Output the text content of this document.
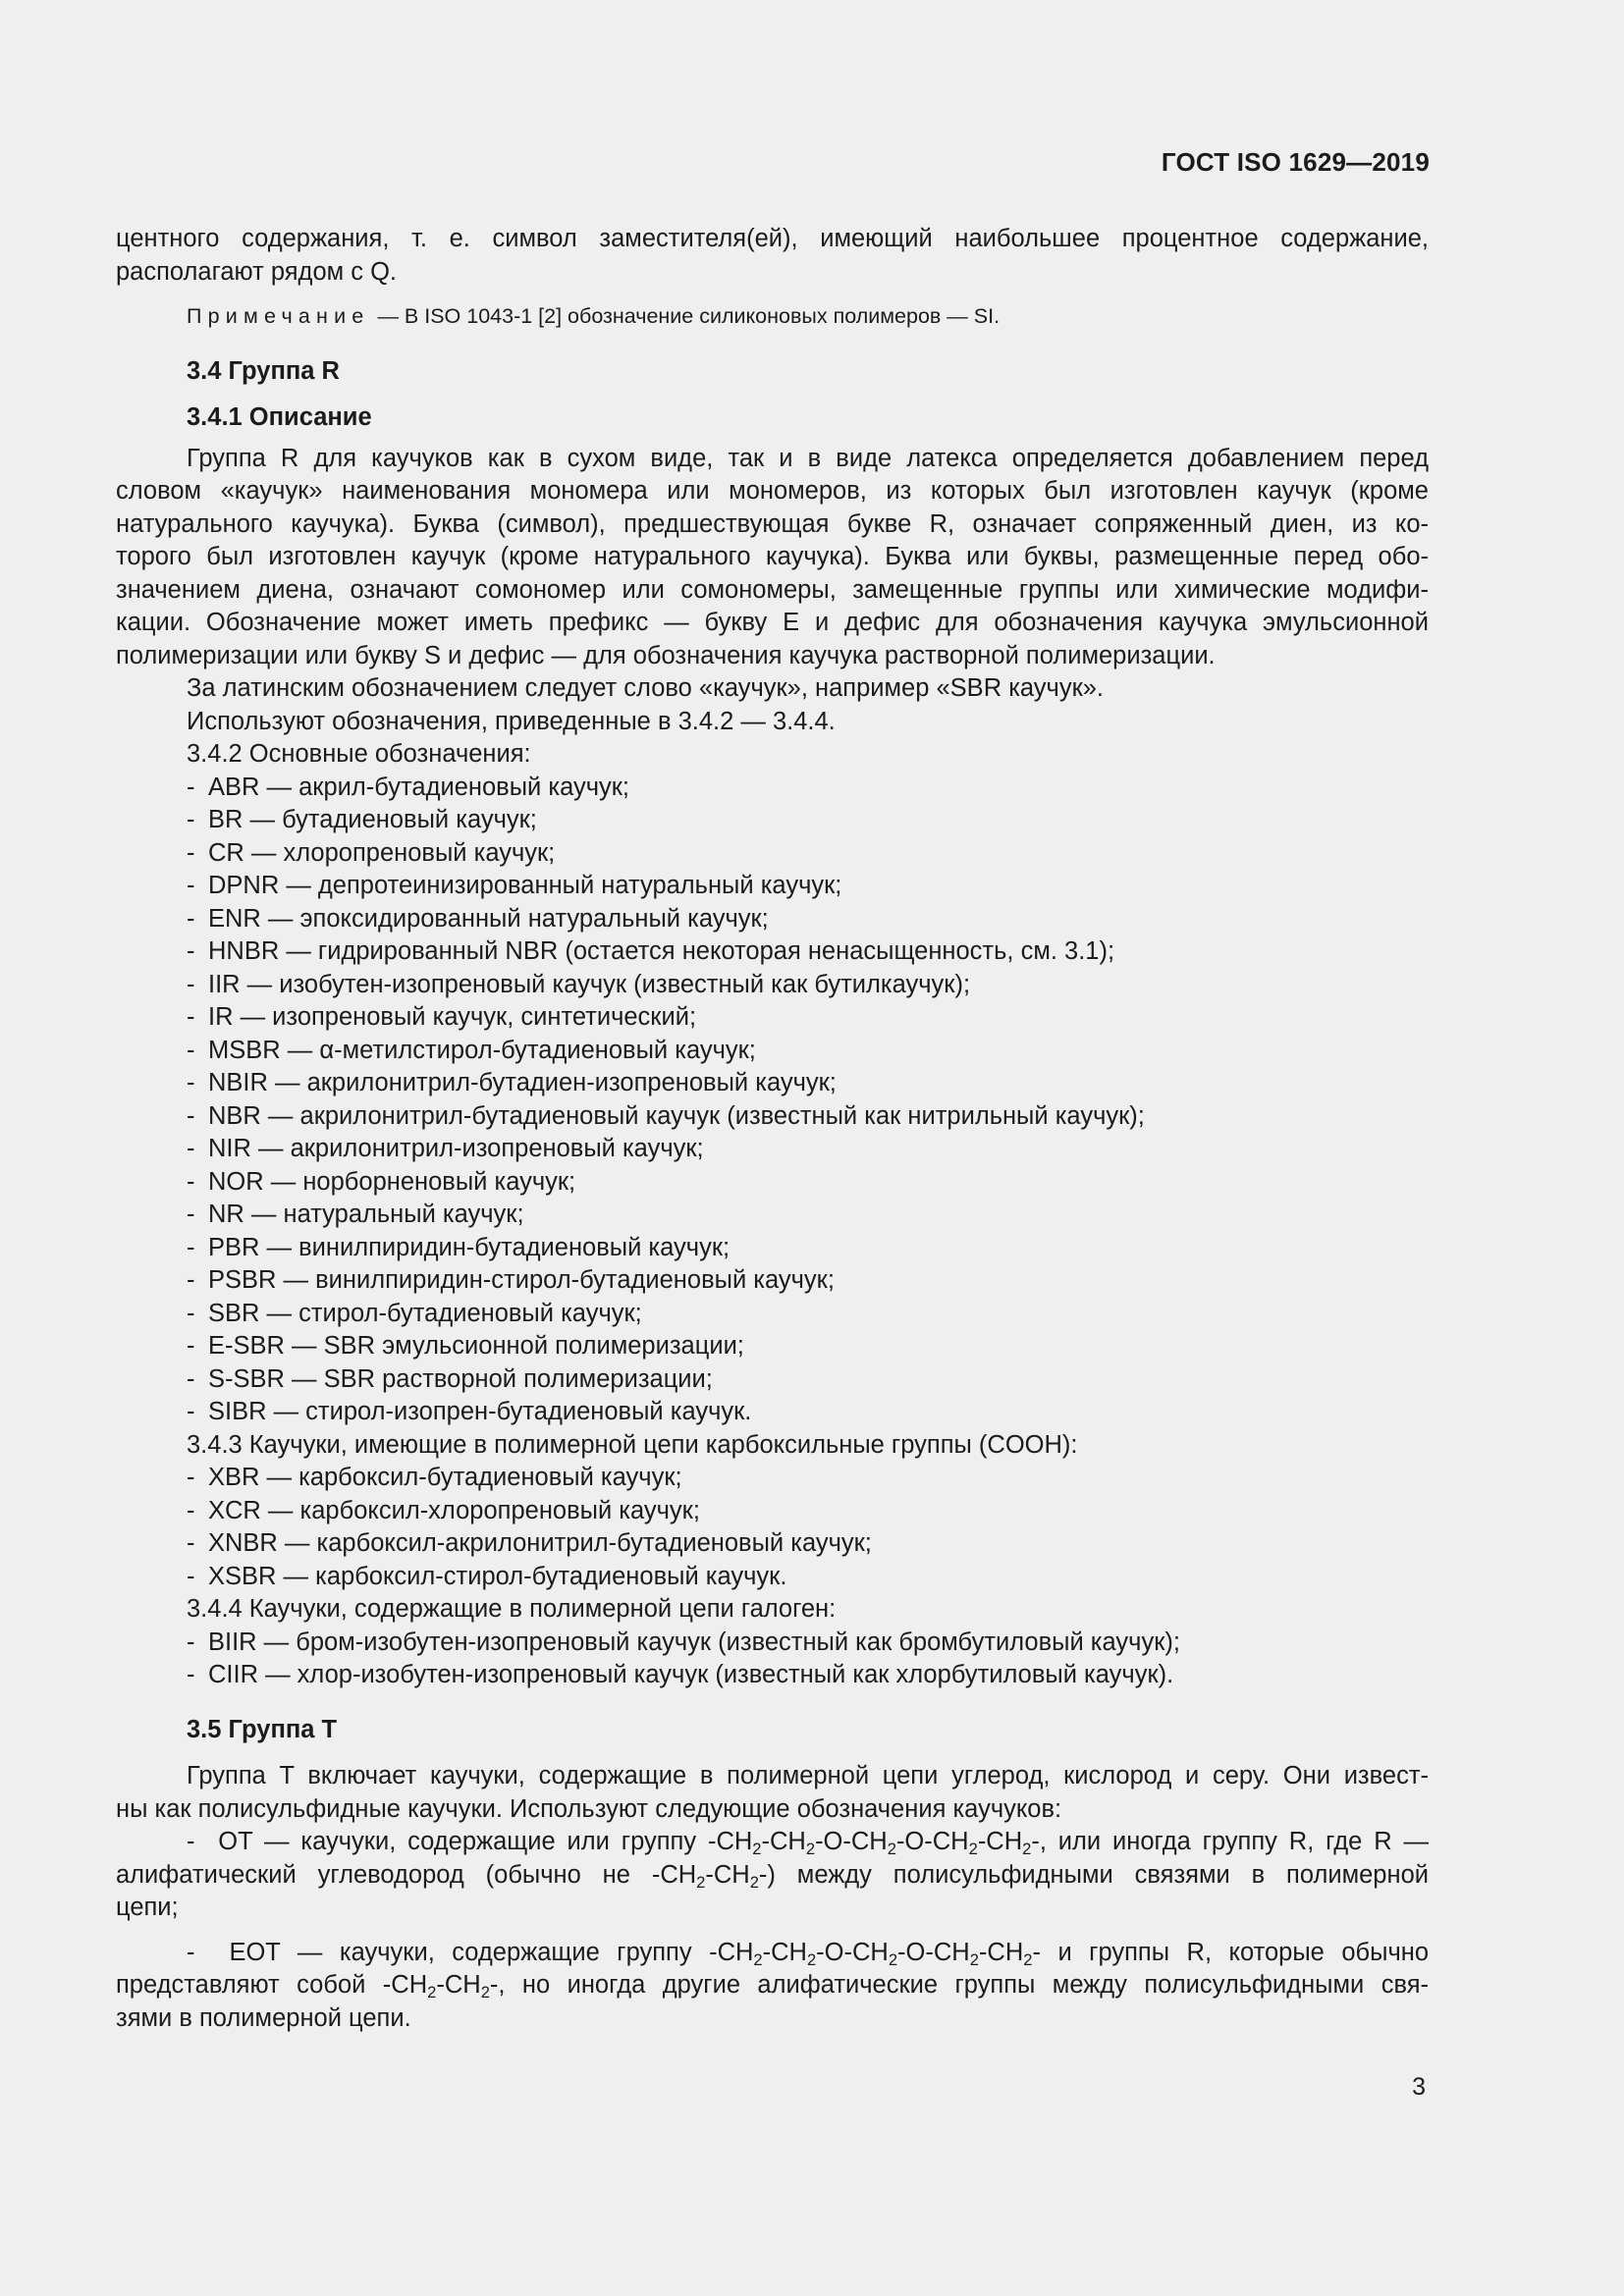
ГОСТ ISO 1629—2019

центного содержания, т. е. символ заместителя(ей), имеющий наибольшее процентное содержание,

располагают рядом с Q.

Примечание — В ISO 1043-1 [2] обозначение силиконовых полимеров — SI.

3.4 Группа R

3.4.1 Описание

Группа R для каучуков как в сухом виде, так и в виде латекса определяется добавлением перед

словом «каучук» наименования мономера или мономеров, из которых был изготовлен каучук (кроме

натурального каучука). Буква (символ), предшествующая букве R, означает сопряженный диен, из ко-

торого был изготовлен каучук (кроме натурального каучука). Буква или буквы, размещенные перед обо-

значением диена, означают сомономер или сомономеры, замещенные группы или химические модифи-

кации. Обозначение может иметь префикс — букву E и дефис для обозначения каучука эмульсионной

полимеризации или букву S и дефис — для обозначения каучука растворной полимеризации.

За латинским обозначением следует слово «каучук», например «SBR каучук».

Используют обозначения, приведенные в 3.4.2 — 3.4.4.

3.4.2 Основные обозначения:

- ABR — акрил-бутадиеновый каучук;

- BR — бутадиеновый каучук;

- CR — хлоропреновый каучук;

- DPNR — депротеинизированный натуральный каучук;

- ENR — эпоксидированный натуральный каучук;

- HNBR — гидрированный NBR (остается некоторая ненасыщенность, см. 3.1);

- IIR — изобутен-изопреновый каучук (известный как бутилкаучук);

- IR — изопреновый каучук, синтетический;

- MSBR — α-метилстирол-бутадиеновый каучук;

- NBIR — акрилонитрил-бутадиен-изопреновый каучук;

- NBR — акрилонитрил-бутадиеновый каучук (известный как нитрильный каучук);

- NIR — акрилонитрил-изопреновый каучук;

- NOR — норборненовый каучук;

- NR — натуральный каучук;

- PBR — винилпиридин-бутадиеновый каучук;

- PSBR — винилпиридин-стирол-бутадиеновый каучук;

- SBR — стирол-бутадиеновый каучук;

- E-SBR — SBR эмульсионной полимеризации;

- S-SBR — SBR растворной полимеризации;

- SIBR — стирол-изопрен-бутадиеновый каучук.

3.4.3 Каучуки, имеющие в полимерной цепи карбоксильные группы (COOH):

- XBR — карбоксил-бутадиеновый каучук;

- XCR — карбоксил-хлоропреновый каучук;

- XNBR — карбоксил-акрилонитрил-бутадиеновый каучук;

- XSBR — карбоксил-стирол-бутадиеновый каучук.

3.4.4 Каучуки, содержащие в полимерной цепи галоген:

- BIIR — бром-изобутен-изопреновый каучук (известный как бромбутиловый каучук);

- CIIR — хлор-изобутен-изопреновый каучук (известный как хлорбутиловый каучук).

3.5 Группа T

Группа T включает каучуки, содержащие в полимерной цепи углерод, кислород и серу. Они извест-

ны как полисульфидные каучуки. Используют следующие обозначения каучуков:

- OT — каучуки, содержащие или группу $-CH_2-CH_2-O-CH_2-O-CH_2-CH_2-$, или иногда группу R, где R —

алифатический углеводород (обычно не $-CH_2-CH_2-$) между полисульфидными связями в полимерной

цепи;

- EOT — каучуки, содержащие группу $-CH_2-CH_2-O-CH_2-O-CH_2-CH_2-$ и группы R, которые обычно

представляют собой $-CH_2-CH_2-$, но иногда другие алифатические группы между полисульфидными свя-

зями в полимерной цепи.

3
